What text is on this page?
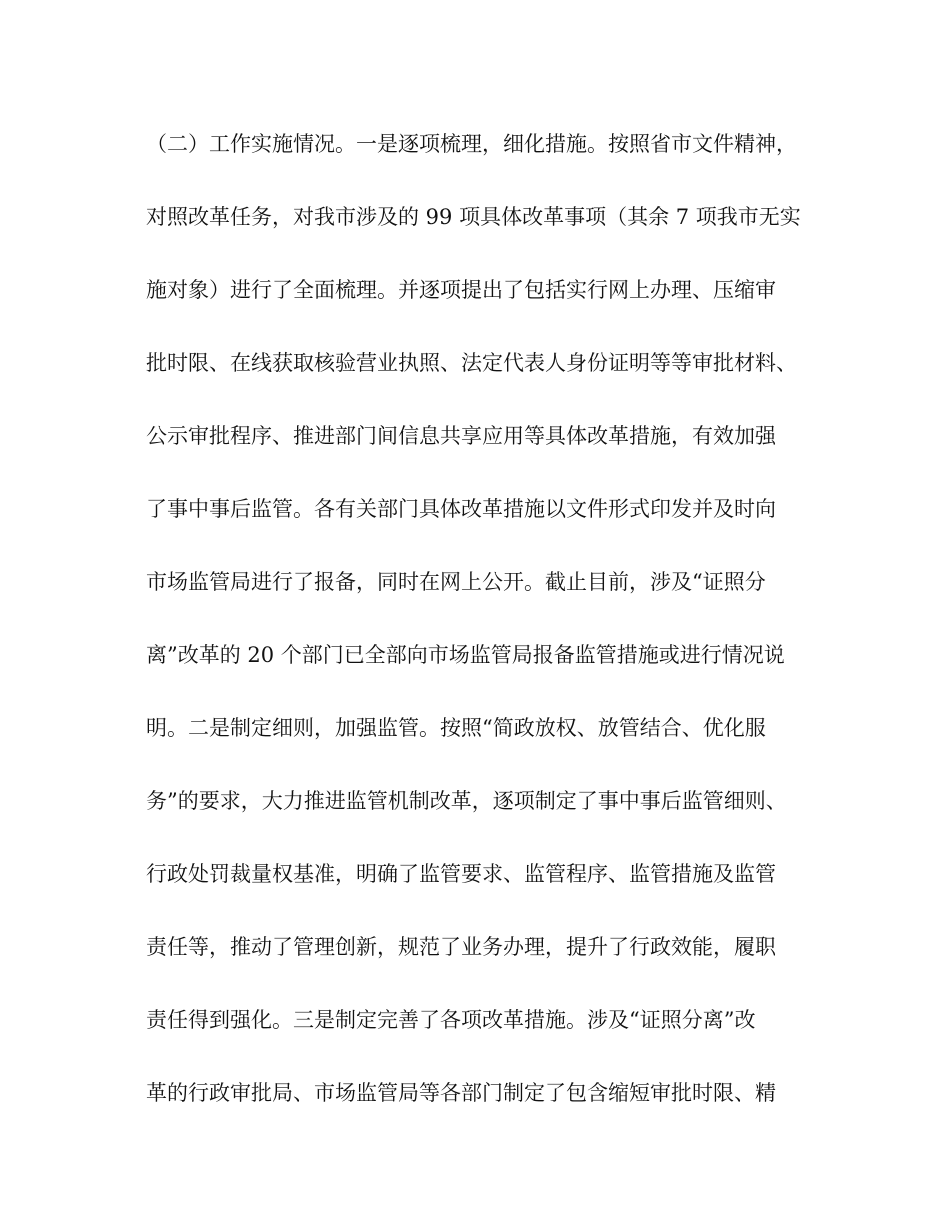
（二）工作实施情况。一是逐项梳理，细化措施。按照省市文件精神，
对照改革任务，对我市涉及的 99 项具体改革事项（其余 7 项我市无实
施对象）进行了全面梳理。并逐项提出了包括实行网上办理、压缩审
批时限、在线获取核验营业执照、法定代表人身份证明等等审批材料、
公示审批程序、推进部门间信息共享应用等具体改革措施，有效加强
了事中事后监管。各有关部门具体改革措施以文件形式印发并及时向
市场监管局进行了报备，同时在网上公开。截止目前，涉及“证照分
离”改革的 20 个部门已全部向市场监管局报备监管措施或进行情况说
明。二是制定细则，加强监管。按照“简政放权、放管结合、优化服
务”的要求，大力推进监管机制改革，逐项制定了事中事后监管细则、
行政处罚裁量权基准，明确了监管要求、监管程序、监管措施及监管
责任等，推动了管理创新，规范了业务办理，提升了行政效能，履职
责任得到强化。三是制定完善了各项改革措施。涉及“证照分离”改
革的行政审批局、市场监管局等各部门制定了包含缩短审批时限、精
